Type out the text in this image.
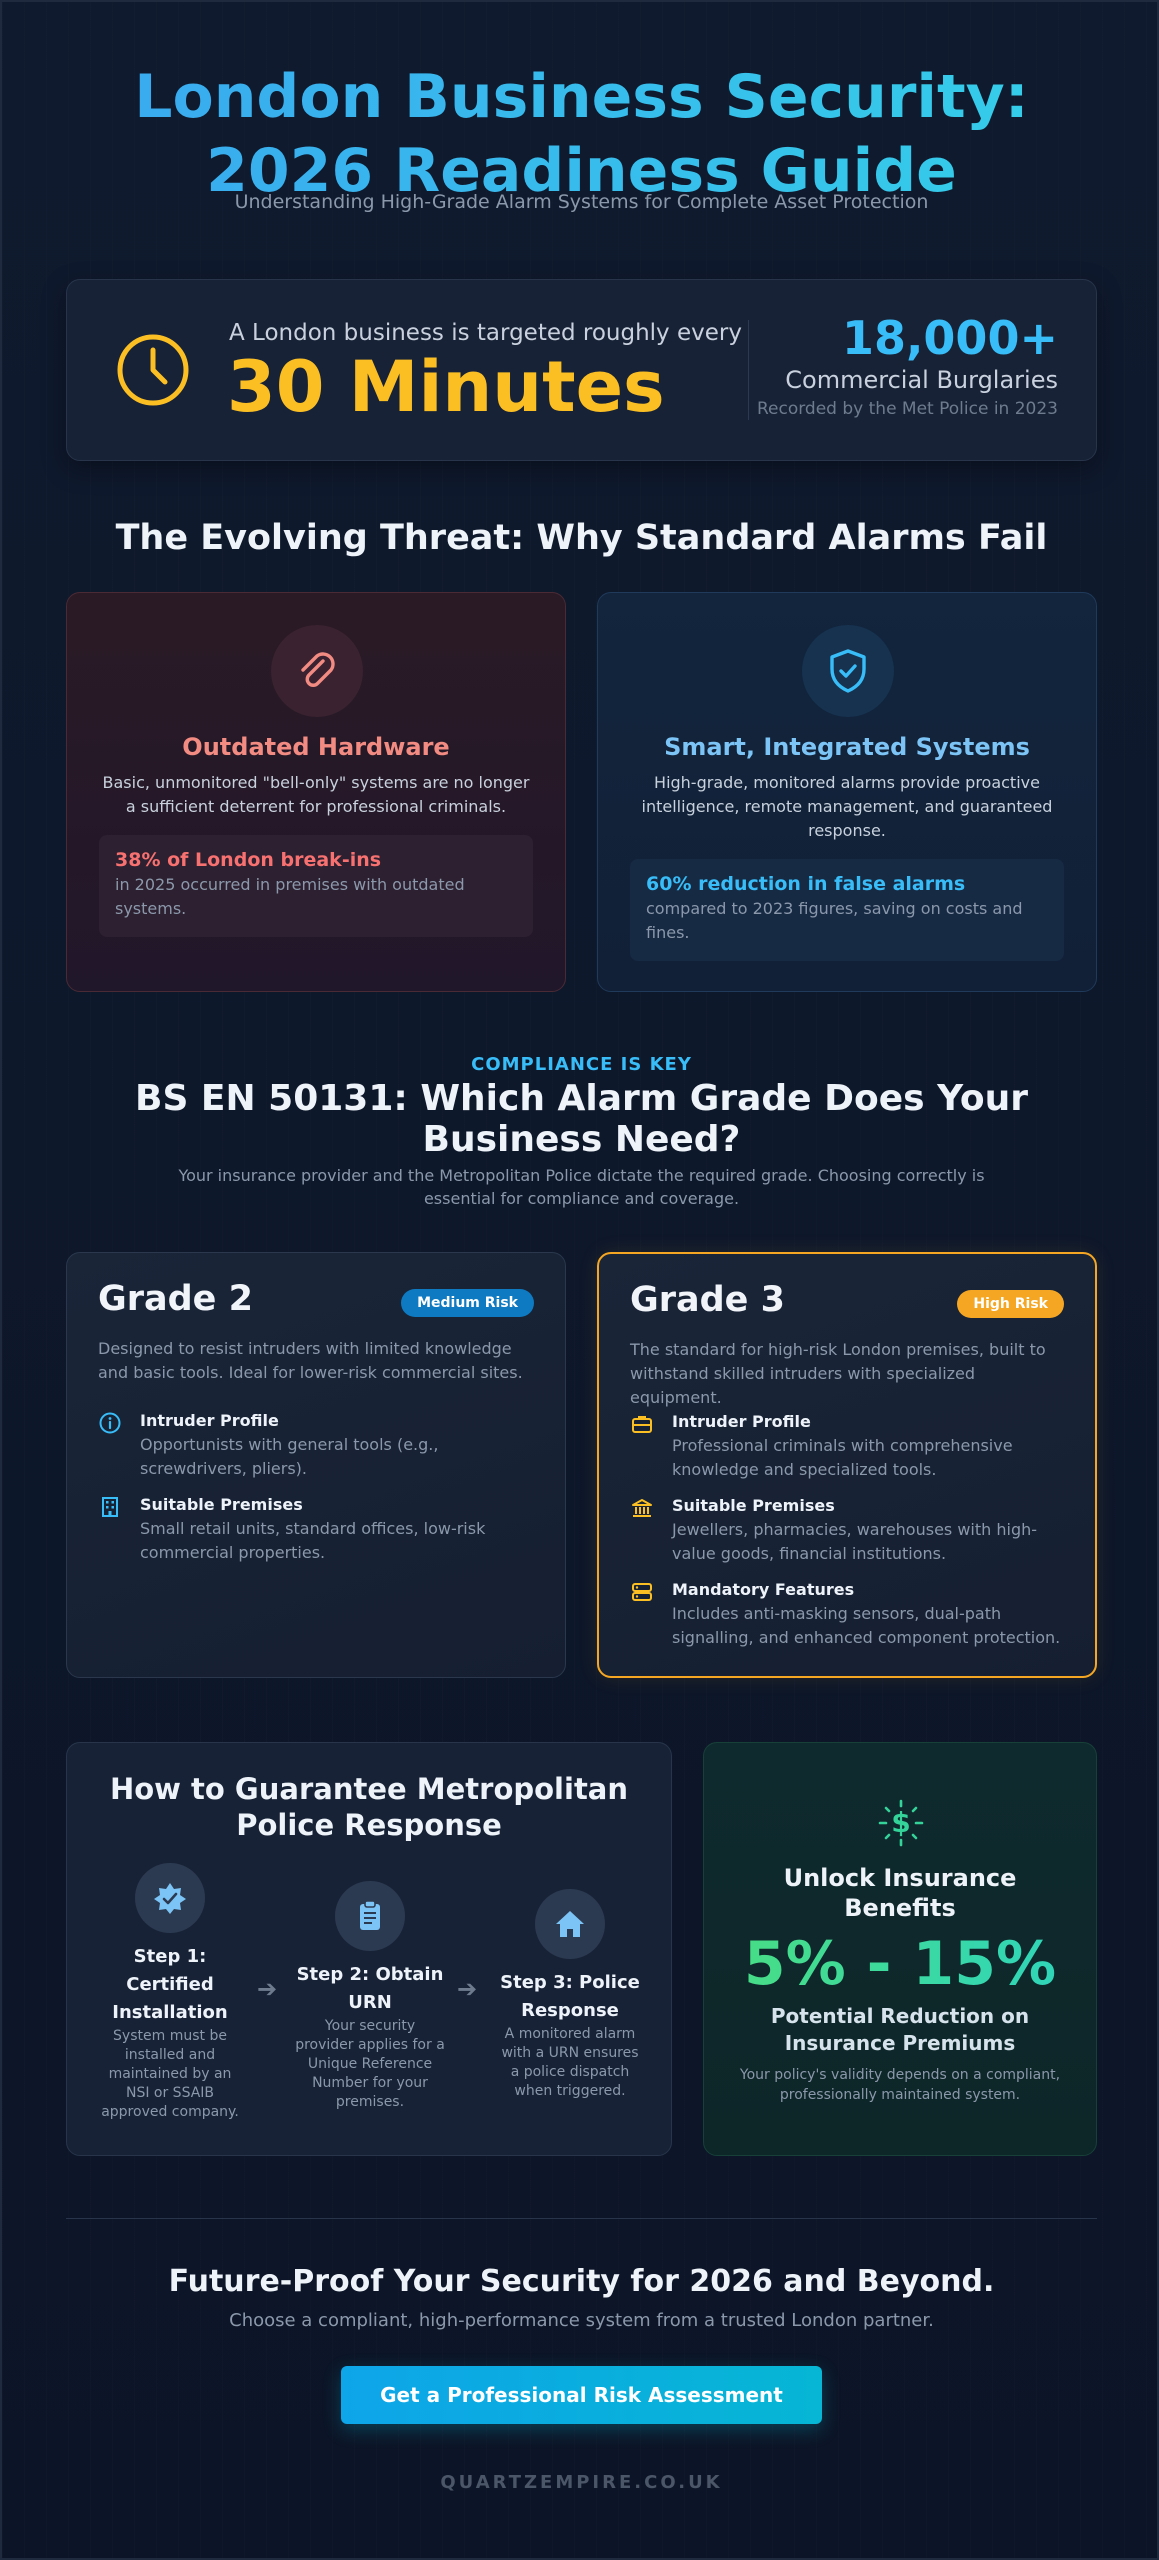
London Business Security:
2026 Readiness Guide
Understanding High-Grade Alarm Systems for Complete Asset Protection
A London business is targeted roughly every
30 Minutes
18,000+
Commercial Burglaries
Recorded by the Met Police in 2023
The Evolving Threat: Why Standard Alarms Fail
Outdated Hardware
Basic, unmonitored "bell-only" systems are no longer a sufficient deterrent for professional criminals.
38% of London break-ins
in 2025 occurred in premises with outdated systems.
Smart, Integrated Systems
High-grade, monitored alarms provide proactive intelligence, remote management, and guaranteed response.
60% reduction in false alarms
compared to 2023 figures, saving on costs and fines.
COMPLIANCE IS KEY
BS EN 50131: Which Alarm Grade Does Your
Business Need?
Your insurance provider and the Metropolitan Police dictate the required grade. Choosing correctly is essential for compliance and coverage.
Grade 2	Medium Risk
Designed to resist intruders with limited knowledge and basic tools. Ideal for lower-risk commercial sites.
Intruder Profile
Opportunists with general tools (e.g., screwdrivers, pliers).
Suitable Premises
Small retail units, standard offices, low-risk commercial properties.
Grade 3	High Risk
The standard for high-risk London premises, built to withstand skilled intruders with specialized equipment.
Intruder Profile
Professional criminals with comprehensive knowledge and specialized tools.
Suitable Premises
Jewellers, pharmacies, warehouses with high-value goods, financial institutions.
Mandatory Features
Includes anti-masking sensors, dual-path signalling, and enhanced component protection.
How to Guarantee Metropolitan
Police Response
Step 1: Certified Installation
System must be installed and maintained by an NSI or SSAIB approved company.
➔
Step 2: Obtain URN
Your security provider applies for a Unique Reference Number for your premises.
➔ Step 3: Police Response
A monitored alarm with a URN ensures a police dispatch when triggered.
$
Unlock Insurance Benefits
5% - 15%
Potential Reduction on Insurance Premiums
Your policy's validity depends on a compliant, professionally maintained system.
Future-Proof Your Security for 2026 and Beyond.
Choose a compliant, high-performance system from a trusted London partner.
Get a Professional Risk Assessment
QUARTZEMPIRE.CO.UK
